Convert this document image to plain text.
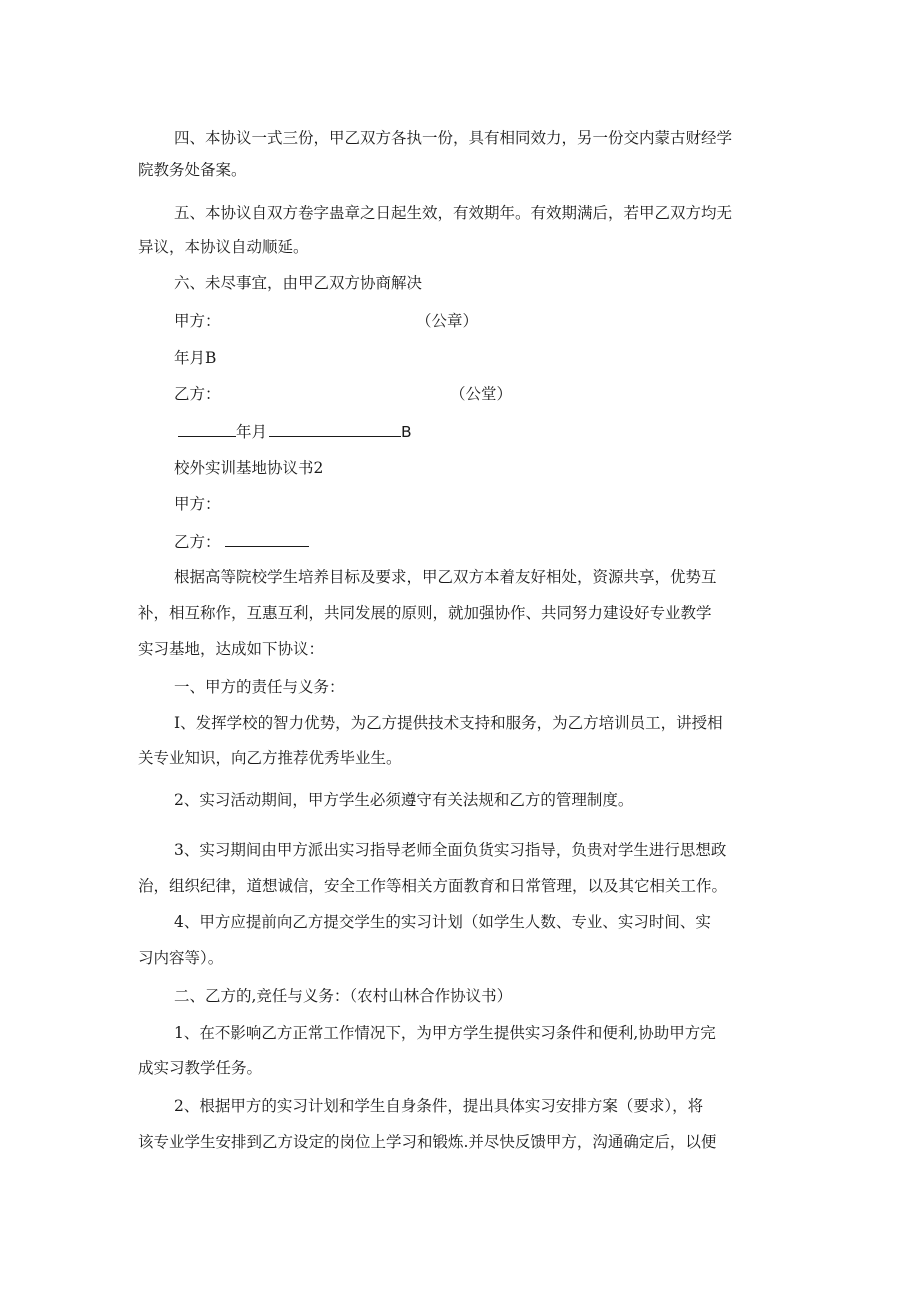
四、本协议一式三份，甲乙双方各执一份，具有相同效力，另一份交内蒙古财经学
院教务处备案。
五、本协议自双方卷字蛊章之日起生效，有效期年。有效期满后，若甲乙双方均无
异议，本协议自动顺延。
六、未尽事宜，由甲乙双方协商解决
甲方：	（公章）
年月B
乙方：	（公堂）
年月	B
校外实训基地协议书2
甲方：
乙方：
根据高等院校学生培养目标及要求，甲乙双方本着友好相处，资源共享，优势互
补，相互称作，互惠互利，共同发展的原则，就加强协作、共同努力建设好专业教学
实习基地，达成如下协议：
一、甲方的责任与义务：
I、发挥学校的智力优势，为乙方提供技术支持和服务，为乙方培训员工，讲授相
关专业知识，向乙方推荐优秀毕业生。
2、实习活动期间，甲方学生必须遵守有关法规和乙方的管理制度。
3、实习期间由甲方派出实习指导老师全面负货实习指导，负贵对学生进行思想政
治，组织纪律，道想诚信，安全工作等相关方面教育和日常管理，以及其它相关工作。
4、甲方应提前向乙方提交学生的实习计划（如学生人数、专业、实习时间、实
习内容等）。
二、乙方的,竞任与义务：（农村山林合作协议书）
1、在不影响乙方正常工作情况下，为甲方学生提供实习条件和便利,协助甲方完
成实习教学任务。
2、根据甲方的实习计划和学生自身条件，提出具体实习安排方案（要求），将
该专业学生安排到乙方设定的岗位上学习和锻炼.并尽快反馈甲方，沟通确定后，以便
